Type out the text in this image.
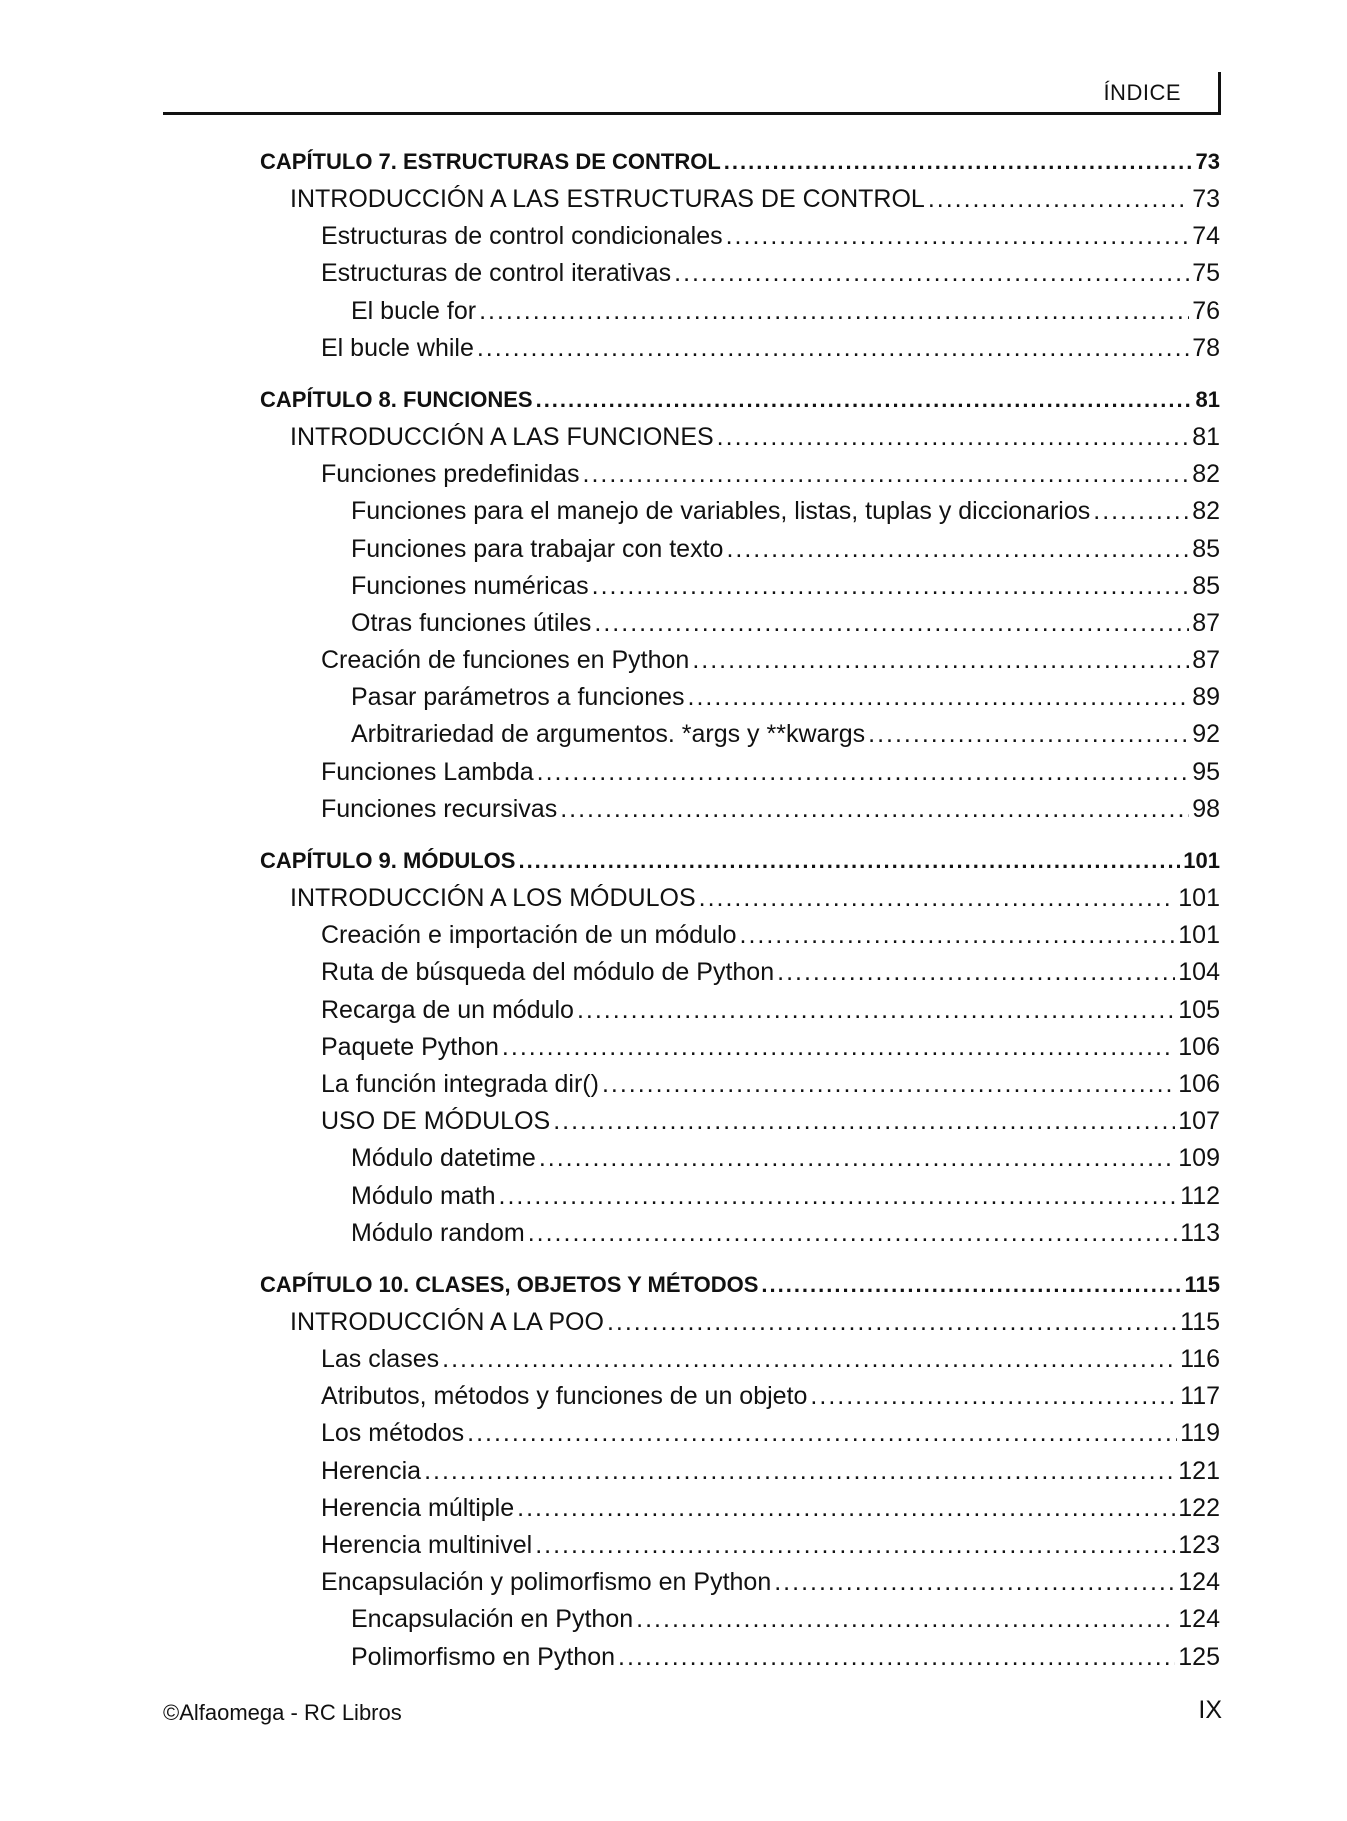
ÍNDICE
CAPÍTULO 7. ESTRUCTURAS DE CONTROL .....	73
INTRODUCCIÓN A LAS ESTRUCTURAS DE CONTROL .....	73
Estructuras de control condicionales .....	74
Estructuras de control iterativas .....	75
El bucle for .....	76
El bucle while .....	78
CAPÍTULO 8. FUNCIONES .....	81
INTRODUCCIÓN A LAS FUNCIONES .....	81
Funciones predefinidas .....	82
Funciones para el manejo de variables, listas, tuplas y diccionarios .....	82
Funciones para trabajar con texto .....	85
Funciones numéricas .....	85
Otras funciones útiles .....	87
Creación de funciones en Python .....	87
Pasar parámetros a funciones .....	89
Arbitrariedad de argumentos. *args y **kwargs .....	92
Funciones Lambda .....	95
Funciones recursivas .....	98
CAPÍTULO 9. MÓDULOS .....	101
INTRODUCCIÓN A LOS MÓDULOS .....	101
Creación e importación de un módulo .....	101
Ruta de búsqueda del módulo de Python .....	104
Recarga de un módulo .....	105
Paquete Python .....	106
La función integrada dir() .....	106
USO DE MÓDULOS .....	107
Módulo datetime .....	109
Módulo math .....	112
Módulo random .....	113
CAPÍTULO 10. CLASES, OBJETOS Y MÉTODOS .....	115
INTRODUCCIÓN A LA POO .....	115
Las clases .....	116
Atributos, métodos y funciones de un objeto .....	117
Los métodos .....	119
Herencia .....	121
Herencia múltiple .....	122
Herencia multinivel .....	123
Encapsulación y polimorfismo en Python .....	124
Encapsulación en Python .....	124
Polimorfismo en Python .....	125
©Alfaomega - RC Libros	IX
